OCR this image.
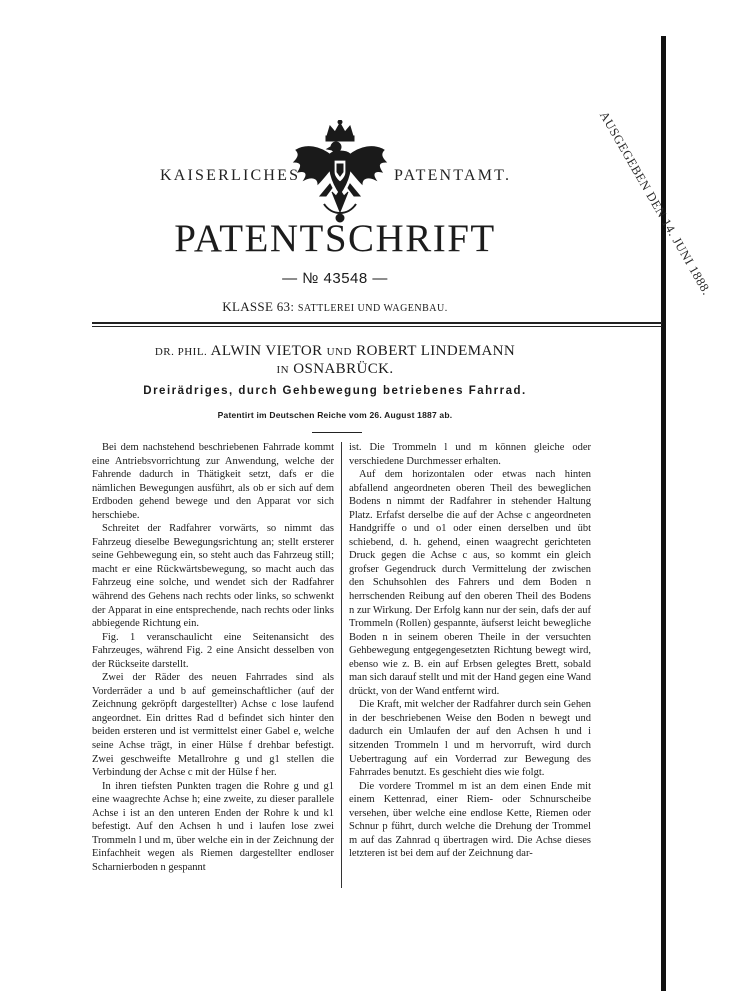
KAISERLICHES	PATENTAMT.	AUSGEGEBEN DEN 14. JUNI 1888.
PATENTSCHRIFT
— № 43548 —
KLASSE 63: SATTLEREI UND WAGENBAU.
DR. PHIL. ALWIN VIETOR UND ROBERT LINDEMANN
IN OSNABRÜCK.
Dreirädriges, durch Gehbewegung betriebenes Fahrrad.
Patentirt im Deutschen Reiche vom 26. August 1887 ab.

Bei dem nachstehend beschriebenen Fahrrade kommt eine Antriebsvorrichtung zur Anwendung, welche der Fahrende dadurch in Thätigkeit setzt, dafs er die nämlichen Bewegungen ausführt, als ob er sich auf dem Erdboden gehend bewege und den Apparat vor sich herschiebe.

Schreitet der Radfahrer vorwärts, so nimmt das Fahrzeug dieselbe Bewegungsrichtung an; stellt ersterer seine Gehbewegung ein, so steht auch das Fahrzeug still; macht er eine Rückwärtsbewegung, so macht auch das Fahrzeug eine solche, und wendet sich der Radfahrer während des Gehens nach rechts oder links, so schwenkt der Apparat in eine entsprechende, nach rechts oder links abbiegende Richtung ein.

Fig. 1 veranschaulicht eine Seitenansicht des Fahrzeuges, während Fig. 2 eine Ansicht desselben von der Rückseite darstellt.

Zwei der Räder des neuen Fahrrades sind als Vorderräder a und b auf gemeinschaftlicher (auf der Zeichnung gekröpft dargestellter) Achse c lose laufend angeordnet. Ein drittes Rad d befindet sich hinter den beiden ersteren und ist vermittelst einer Gabel e, welche seine Achse trägt, in einer Hülse f drehbar befestigt. Zwei geschweifte Metallrohre g und g1 stellen die Verbindung der Achse c mit der Hülse f her.

In ihren tiefsten Punkten tragen die Rohre g und g1 eine waagrechte Achse h; eine zweite, zu dieser parallele Achse i ist an den unteren Enden der Rohre k und k1 befestigt. Auf den Achsen h und i laufen lose zwei Trommeln l und m, über welche ein in der Zeichnung der Einfachheit wegen als Riemen dargestellter endloser Scharnierboden n gespannt

ist. Die Trommeln l und m können gleiche oder verschiedene Durchmesser erhalten.

Auf dem horizontalen oder etwas nach hinten abfallend angeordneten oberen Theil des beweglichen Bodens n nimmt der Radfahrer in stehender Haltung Platz. Erfafst derselbe die auf der Achse c angeordneten Handgriffe o und o1 oder einen derselben und übt schiebend, d. h. gehend, einen waagrecht gerichteten Druck gegen die Achse c aus, so kommt ein gleich grofser Gegendruck durch Vermittelung der zwischen den Schuhsohlen des Fahrers und dem Boden n herrschenden Reibung auf den oberen Theil des Bodens n zur Wirkung. Der Erfolg kann nur der sein, dafs der auf Trommeln (Rollen) gespannte, äufserst leicht bewegliche Boden n in seinem oberen Theile in der versuchten Gehbewegung entgegengesetzten Richtung bewegt wird, ebenso wie z. B. ein auf Erbsen gelegtes Brett, sobald man sich darauf stellt und mit der Hand gegen eine Wand drückt, von der Wand entfernt wird.

Die Kraft, mit welcher der Radfahrer durch sein Gehen in der beschriebenen Weise den Boden n bewegt und dadurch ein Umlaufen der auf den Achsen h und i sitzenden Trommeln l und m hervorruft, wird durch Uebertragung auf ein Vorderrad zur Bewegung des Fahrrades benutzt. Es geschieht dies wie folgt.

Die vordere Trommel m ist an dem einen Ende mit einem Kettenrad, einer Riem- oder Schnurscheibe versehen, über welche eine endlose Kette, Riemen oder Schnur p führt, durch welche die Drehung der Trommel m auf das Zahnrad q übertragen wird. Die Achse dieses letzteren ist bei dem auf der Zeichnung dar-
